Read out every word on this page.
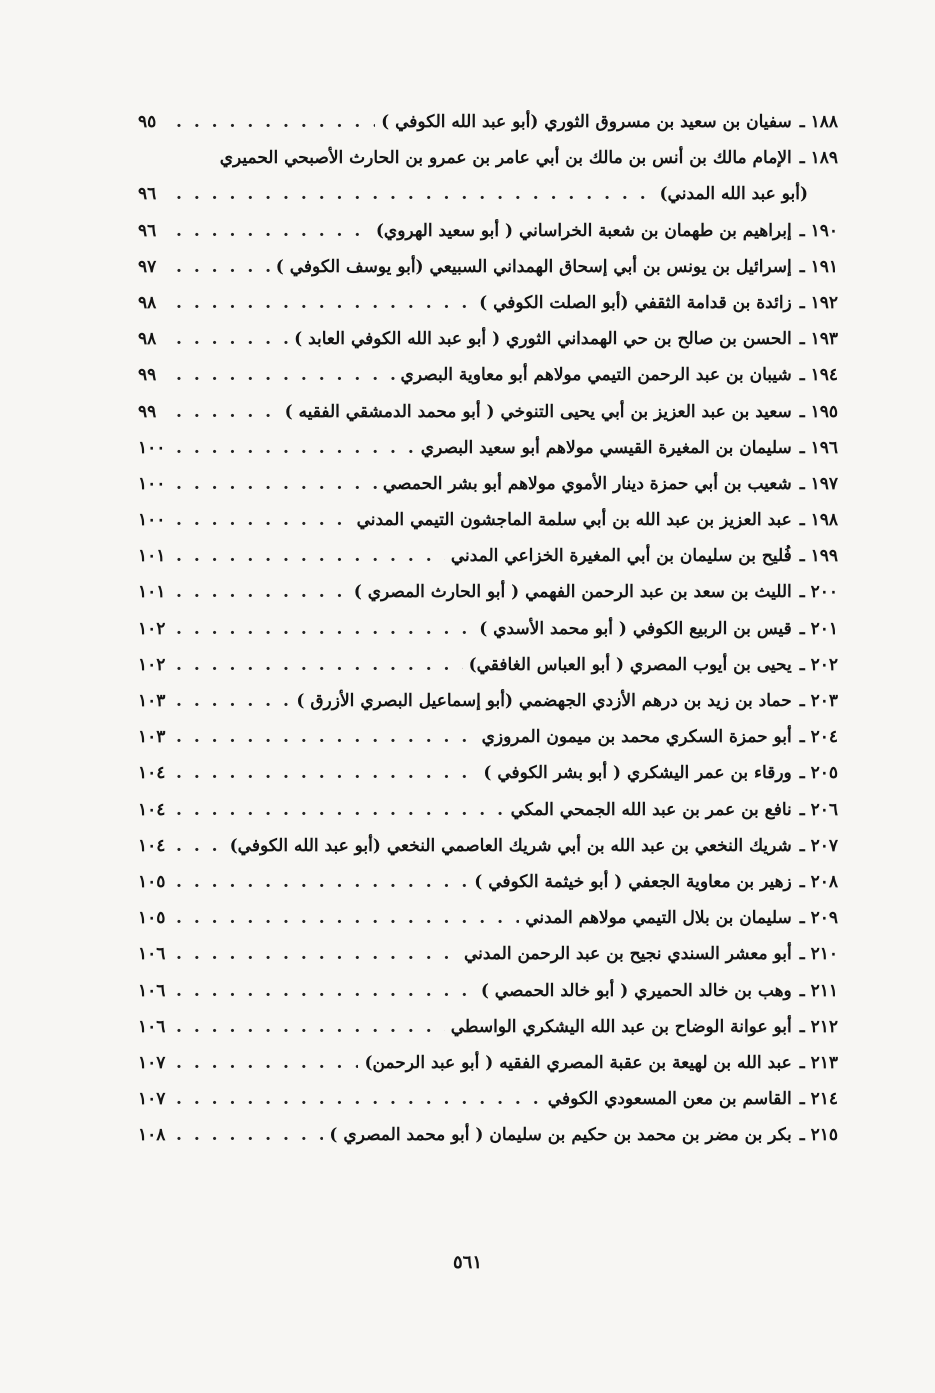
١٨٨ ـ سفيان بن سعيد بن مسروق الثوري (أبو عبد الله الكوفي )
. . .
٩٥
١٨٩ ـ الإمام مالك بن أنس بن مالك بن أبي عامر بن عمرو بن الحارث الأصبحي الحميري
(أبو عبد الله المدني)
. . .
٩٦
١٩٠ ـ إبراهيم بن طهمان بن شعبة الخراساني ( أبو سعيد الهروي)
. . .
٩٦
١٩١ ـ إسرائيل بن يونس بن أبي إسحاق الهمداني السبيعي (أبو يوسف الكوفي )
. . .
٩٧
١٩٢ ـ زائدة بن قدامة الثقفي (أبو الصلت الكوفي )
. . .
٩٨
١٩٣ ـ الحسن بن صالح بن حي الهمداني الثوري ( أبو عبد الله الكوفي العابد )
. . .
٩٨
١٩٤ ـ شيبان بن عبد الرحمن التيمي مولاهم أبو معاوية البصري
. . .
٩٩
١٩٥ ـ سعيد بن عبد العزيز بن أبي يحيى التنوخي ( أبو محمد الدمشقي الفقيه )
. . .
٩٩
١٩٦ ـ سليمان بن المغيرة القيسي مولاهم أبو سعيد البصري
. . .
١٠٠
١٩٧ ـ شعيب بن أبي حمزة دينار الأموي مولاهم أبو بشر الحمصي
. . .
١٠٠
١٩٨ ـ عبد العزيز بن عبد الله بن أبي سلمة الماجشون التيمي المدني
. . .
١٠٠
١٩٩ ـ فُليح بن سليمان بن أبي المغيرة الخزاعي المدني
. . .
١٠١
٢٠٠ ـ الليث بن سعد بن عبد الرحمن الفهمي ( أبو الحارث المصري )
. . .
١٠١
٢٠١ ـ قيس بن الربيع الكوفي ( أبو محمد الأسدي )
. . .
١٠٢
٢٠٢ ـ يحيى بن أيوب المصري ( أبو العباس الغافقي)
. . .
١٠٢
٢٠٣ ـ حماد بن زيد بن درهم الأزدي الجهضمي (أبو إسماعيل البصري الأزرق )
. . .
١٠٣
٢٠٤ ـ أبو حمزة السكري محمد بن ميمون المروزي
. . .
١٠٣
٢٠٥ ـ ورقاء بن عمر اليشكري ( أبو بشر الكوفي )
. . .
١٠٤
٢٠٦ ـ نافع بن عمر بن عبد الله الجمحي المكي
. . .
١٠٤
٢٠٧ ـ شريك النخعي بن عبد الله بن أبي شريك العاصمي النخعي (أبو عبد الله الكوفي)
. . .
١٠٤
٢٠٨ ـ زهير بن معاوية الجعفي ( أبو خيثمة الكوفي )
. . .
١٠٥
٢٠٩ ـ سليمان بن بلال التيمي مولاهم المدني
. . .
١٠٥
٢١٠ ـ أبو معشر السندي نجيح بن عبد الرحمن المدني
. . .
١٠٦
٢١١ ـ وهب بن خالد الحميري ( أبو خالد الحمصي )
. . .
١٠٦
٢١٢ ـ أبو عوانة الوضاح بن عبد الله اليشكري الواسطي
. . .
١٠٦
٢١٣ ـ عبد الله بن لهيعة بن عقبة المصري الفقيه ( أبو عبد الرحمن)
. . .
١٠٧
٢١٤ ـ القاسم بن معن المسعودي الكوفي
. . .
١٠٧
٢١٥ ـ بكر بن مضر بن محمد بن حكيم بن سليمان ( أبو محمد المصري )
. . .
١٠٨
٥٦١
